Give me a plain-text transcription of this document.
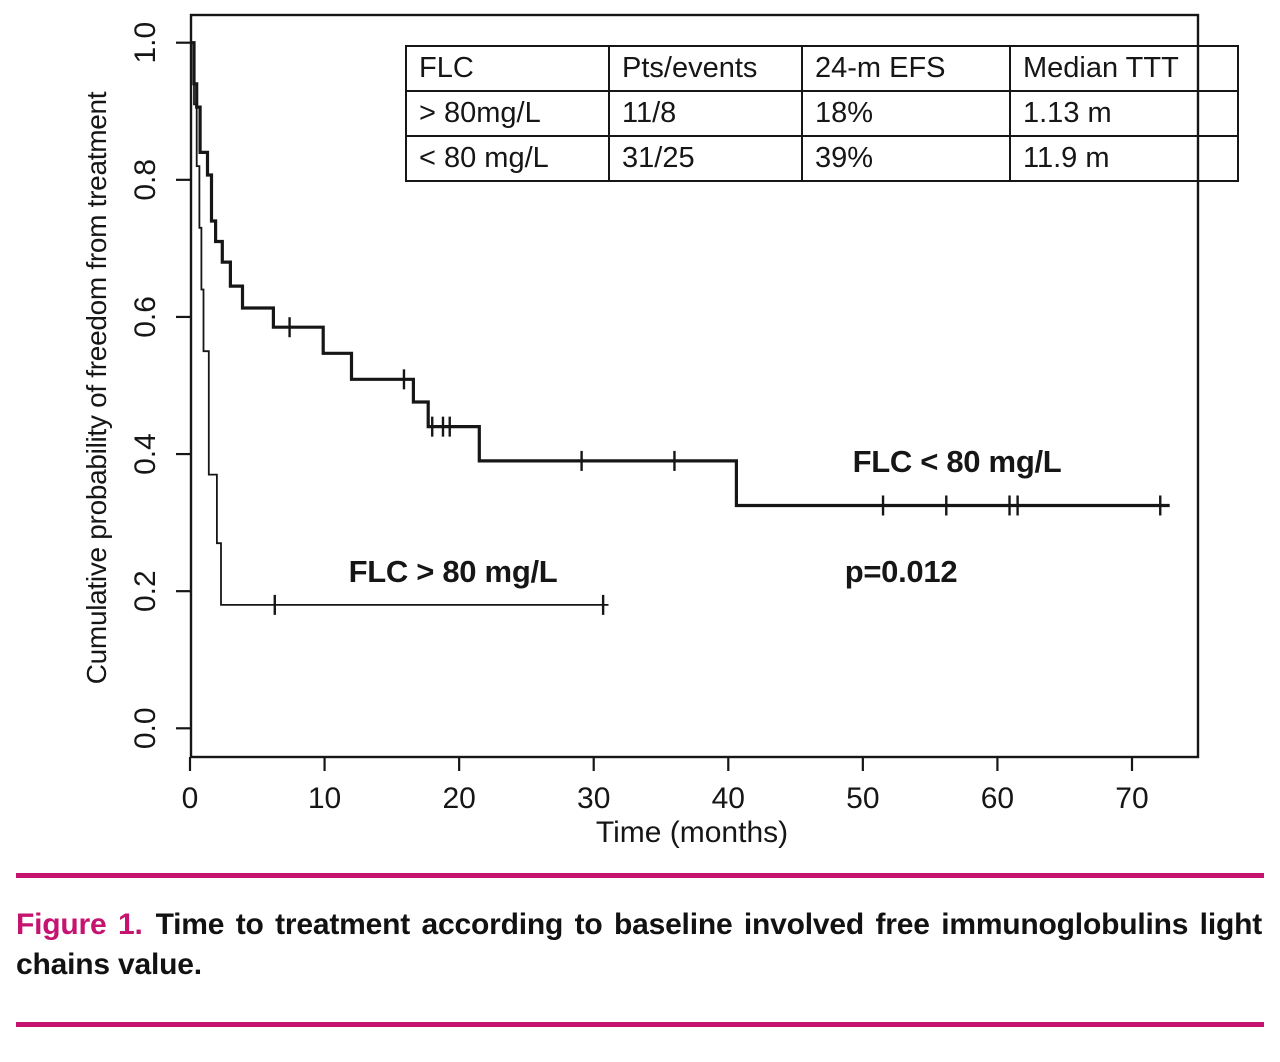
0.0
0.2
0.4
0.6
0.8
1.0
0	10	20	30	40	50	60	70
Cumulative probability of freedom from treatment
Time (months)
FLC < 80 mg/L
FLC > 80 mg/L	p=0.012
FLC	Pts/events	24-m EFS	Median TTT
> 80mg/L	11/8	18%	1.13 m
< 80 mg/L	31/25	39%	11.9 m

Figure 1. Time to treatment according to baseline involved free immunoglobulins light chains value.
